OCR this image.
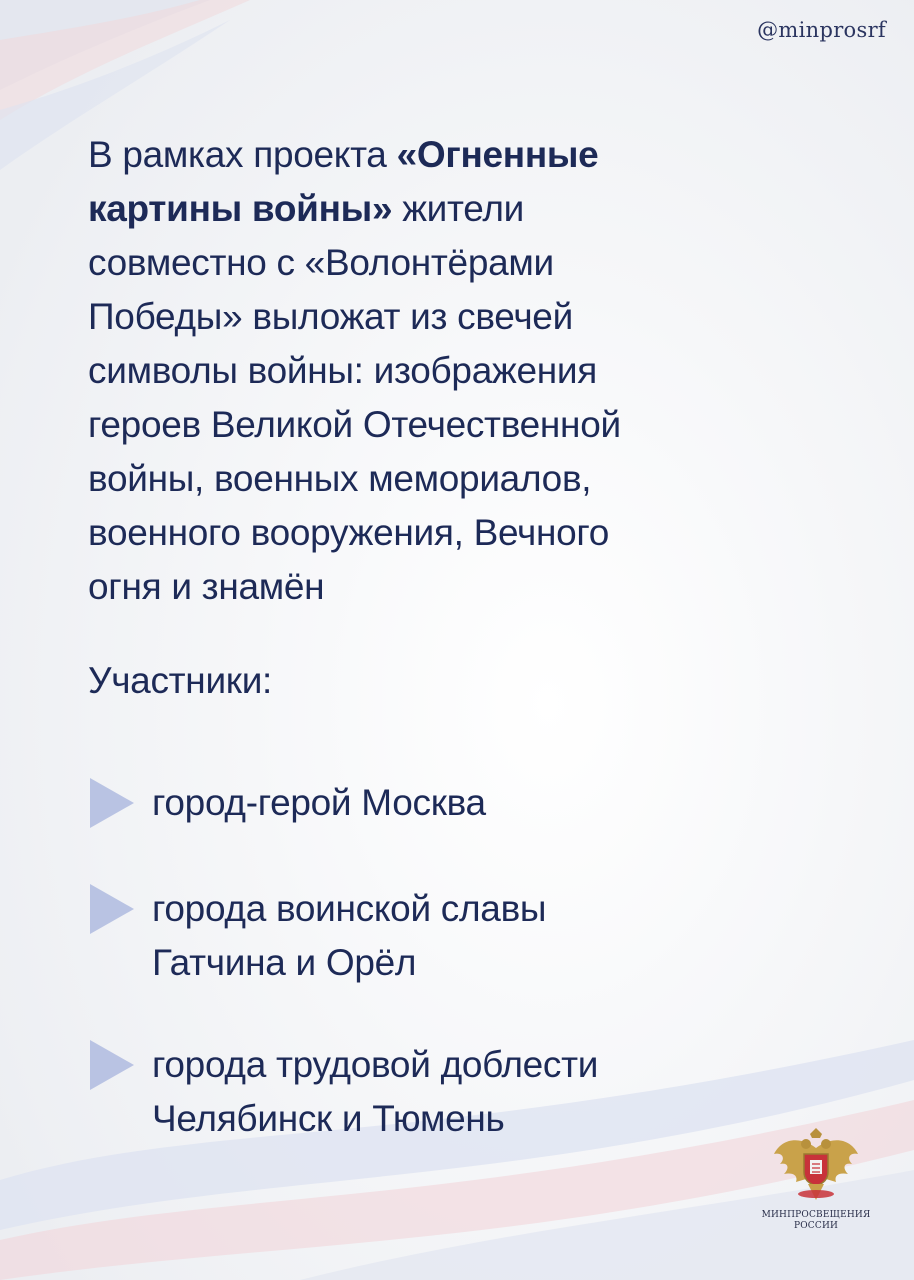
@minprosrf
В рамках проекта «Огненные картины войны» жители совместно с «Волонтёрами Победы» выложат из свечей символы войны: изображения героев Великой Отечественной войны, военных мемориалов, военного вооружения, Вечного огня и знамён
Участники:
город-герой Москва
города воинской славы
Гатчина и Орёл
города трудовой доблести
Челябинск и Тюмень
МИНПРОСВЕЩЕНИЯ
РОССИИ
